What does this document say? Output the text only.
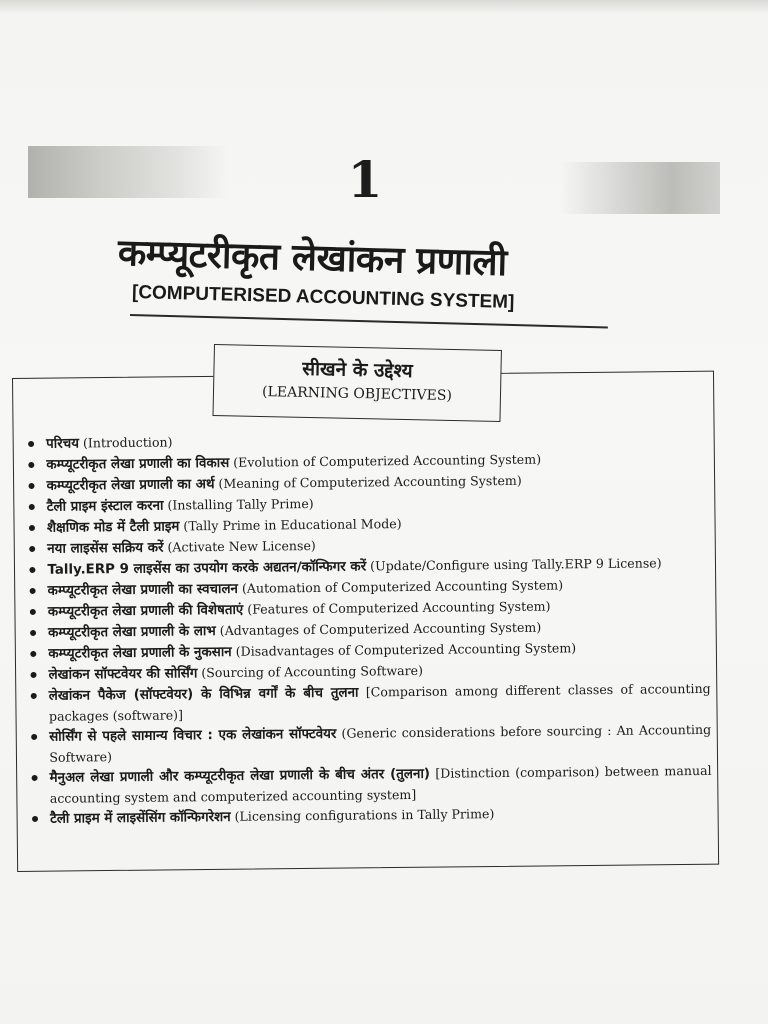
1
कम्प्यूटरीकृत लेखांकन प्रणाली
[COMPUTERISED ACCOUNTING SYSTEM]
सीखने के उद्देश्य
(LEARNING OBJECTIVES)
परिचय (Introduction)
कम्प्यूटरीकृत लेखा प्रणाली का विकास (Evolution of Computerized Accounting System)
कम्प्यूटरीकृत लेखा प्रणाली का अर्थ (Meaning of Computerized Accounting System)
टैली प्राइम इंस्टाल करना (Installing Tally Prime)
शैक्षणिक मोड में टैली प्राइम (Tally Prime in Educational Mode)
नया लाइसेंस सक्रिय करें (Activate New License)
Tally.ERP 9 लाइसेंस का उपयोग करके अद्यतन/कॉन्फिगर करें (Update/Configure using Tally.ERP 9 License)
कम्प्यूटरीकृत लेखा प्रणाली का स्वचालन (Automation of Computerized Accounting System)
कम्प्यूटरीकृत लेखा प्रणाली की विशेषताएं (Features of Computerized Accounting System)
कम्प्यूटरीकृत लेखा प्रणाली के लाभ (Advantages of Computerized Accounting System)
कम्प्यूटरीकृत लेखा प्रणाली के नुकसान (Disadvantages of Computerized Accounting System)
लेखांकन सॉफ्टवेयर की सोर्सिंग (Sourcing of Accounting Software)
लेखांकन पैकेज (सॉफ्टवेयर) के विभिन्न वर्गों के बीच तुलना [Comparison among different classes of accounting packages (software)]
सोर्सिंग से पहले सामान्य विचार : एक लेखांकन सॉफ्टवेयर (Generic considerations before sourcing : An Accounting Software)
मैनुअल लेखा प्रणाली और कम्प्यूटरीकृत लेखा प्रणाली के बीच अंतर (तुलना) [Distinction (comparison) between manual accounting system and computerized accounting system]
टैली प्राइम में लाइसेंसिंग कॉन्फिगरेशन (Licensing configurations in Tally Prime)
